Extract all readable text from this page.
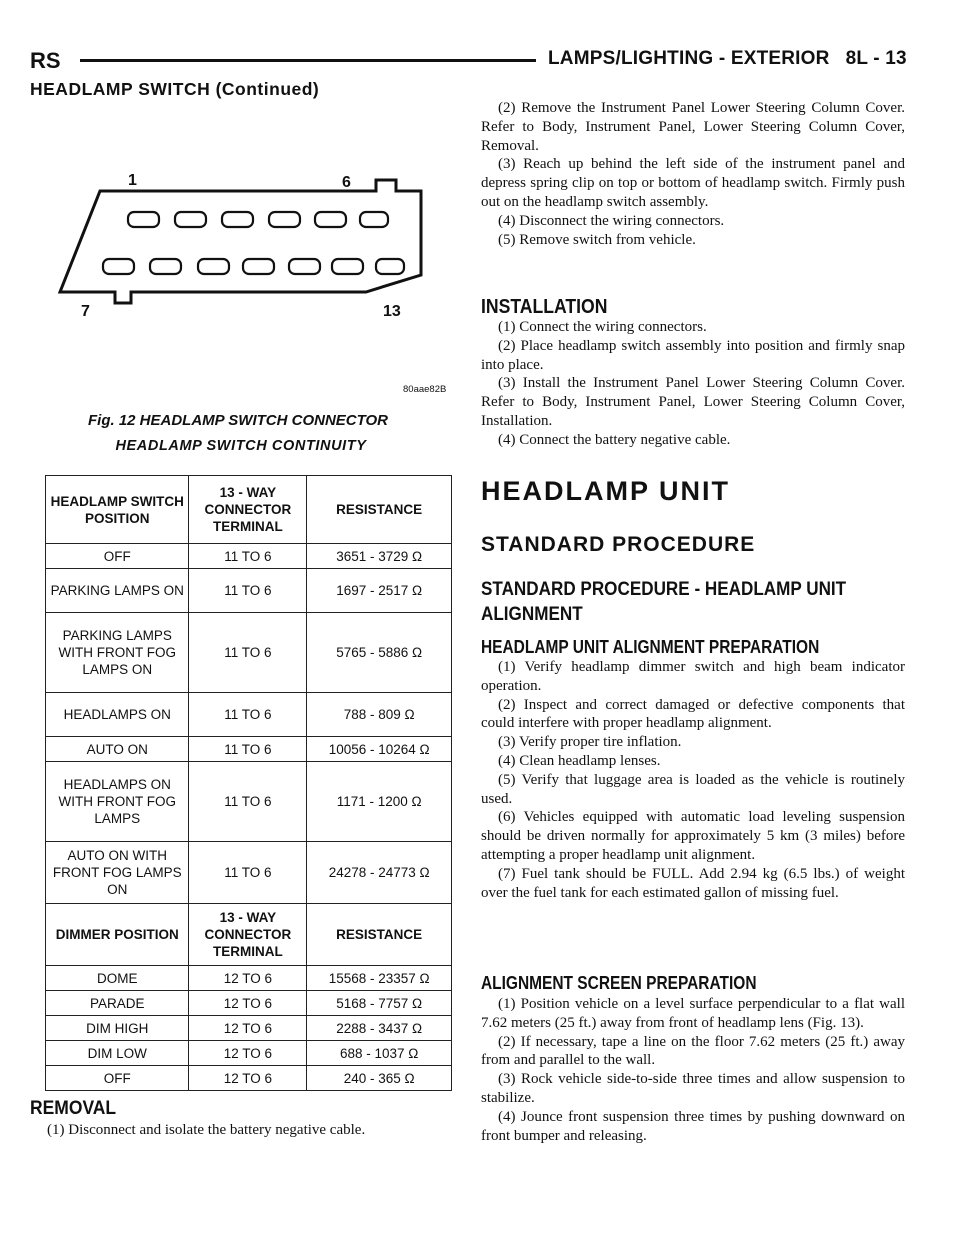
RS	LAMPS/LIGHTING - EXTERIOR 8L - 13
HEADLAMP SWITCH (Continued)
1	6
7	13
80aae82B
Fig. 12 HEADLAMP SWITCH CONNECTOR
HEADLAMP SWITCH CONTINUITY
HEADLAMP SWITCH POSITION	13 - WAY CONNECTOR TERMINAL	RESISTANCE
OFF	11 TO 6	3651 - 3729 Ω
PARKING LAMPS ON	11 TO 6	1697 - 2517 Ω
PARKING LAMPS WITH FRONT FOG LAMPS ON	11 TO 6	5765 - 5886 Ω
HEADLAMPS ON	11 TO 6	788 - 809 Ω
AUTO ON	11 TO 6	10056 - 10264 Ω
HEADLAMPS ON WITH FRONT FOG LAMPS	11 TO 6	1171 - 1200 Ω
AUTO ON WITH FRONT FOG LAMPS ON	11 TO 6	24278 - 24773 Ω
DIMMER POSITION	13 - WAY CONNECTOR TERMINAL	RESISTANCE
DOME	12 TO 6	15568 - 23357 Ω
PARADE	12 TO 6	5168 - 7757 Ω
DIM HIGH	12 TO 6	2288 - 3437 Ω
DIM LOW	12 TO 6	688 - 1037 Ω
OFF	12 TO 6	240 - 365 Ω
REMOVAL

(1) Disconnect and isolate the battery negative cable.

(2) Remove the Instrument Panel Lower Steering Column Cover. Refer to Body, Instrument Panel, Lower Steering Column Cover, Removal.

(3) Reach up behind the left side of the instrument panel and depress spring clip on top or bottom of headlamp switch. Firmly push out on the headlamp switch assembly.

(4) Disconnect the wiring connectors.

(5) Remove switch from vehicle.

INSTALLATION

(1) Connect the wiring connectors.

(2) Place headlamp switch assembly into position and firmly snap into place.

(3) Install the Instrument Panel Lower Steering Column Cover. Refer to Body, Instrument Panel, Lower Steering Column Cover, Installation.

(4) Connect the battery negative cable.

HEADLAMP UNIT
STANDARD PROCEDURE
STANDARD PROCEDURE - HEADLAMP UNIT ALIGNMENT
HEADLAMP UNIT ALIGNMENT PREPARATION

(1) Verify headlamp dimmer switch and high beam indicator operation.

(2) Inspect and correct damaged or defective components that could interfere with proper headlamp alignment.

(3) Verify proper tire inflation.

(4) Clean headlamp lenses.

(5) Verify that luggage area is loaded as the vehicle is routinely used.

(6) Vehicles equipped with automatic load leveling suspension should be driven normally for approximately 5 km (3 miles) before attempting a proper headlamp unit alignment.

(7) Fuel tank should be FULL. Add 2.94 kg (6.5 lbs.) of weight over the fuel tank for each estimated gallon of missing fuel.

ALIGNMENT SCREEN PREPARATION

(1) Position vehicle on a level surface perpendicular to a flat wall 7.62 meters (25 ft.) away from front of headlamp lens (Fig. 13).

(2) If necessary, tape a line on the floor 7.62 meters (25 ft.) away from and parallel to the wall.

(3) Rock vehicle side-to-side three times and allow suspension to stabilize.

(4) Jounce front suspension three times by pushing downward on front bumper and releasing.
